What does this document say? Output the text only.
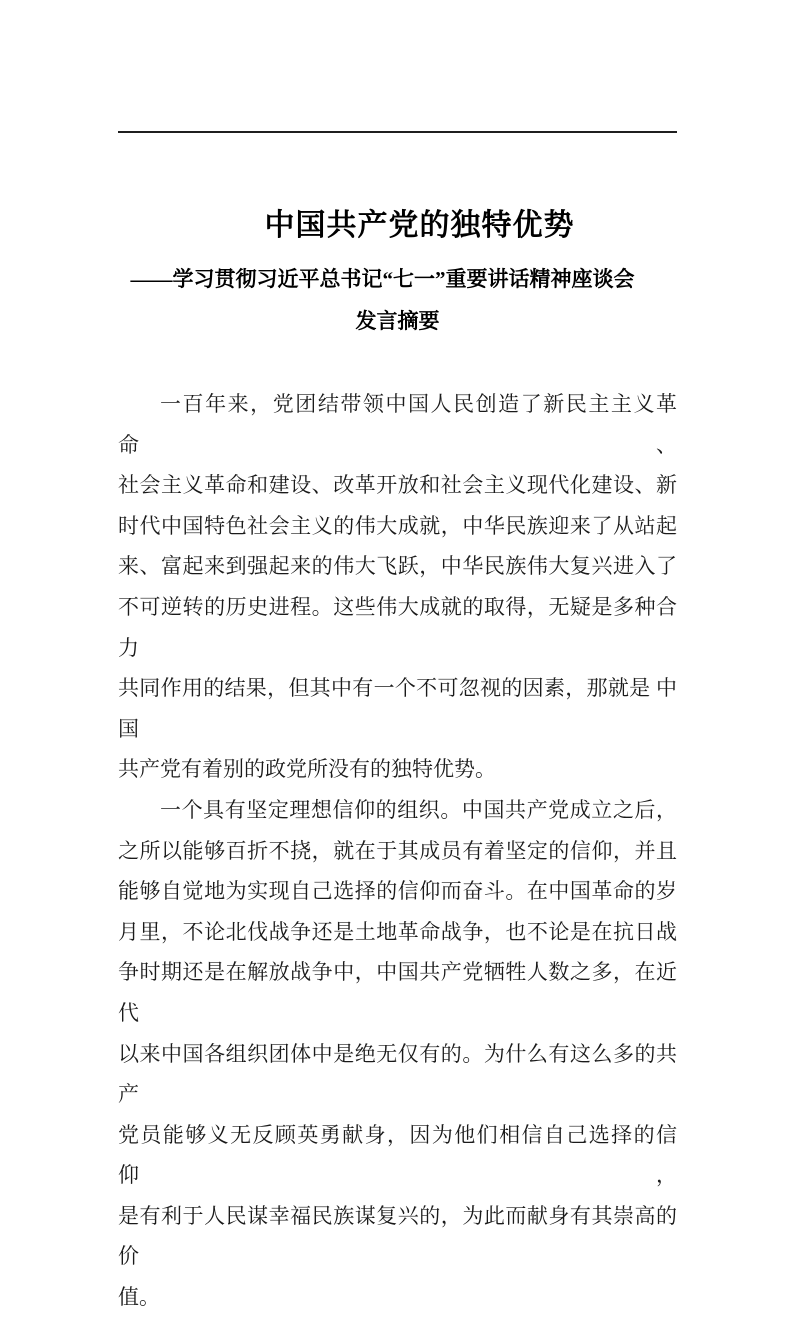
中国共产党的独特优势
——学习贯彻习近平总书记“七一”重要讲话精神座谈会
发言摘要
一百年来，党团结带领中国人民创造了新民主主义革命、
社会主义革命和建设、改革开放和社会主义现代化建设、新
时代中国特色社会主义的伟大成就，中华民族迎来了从站起
来、富起来到强起来的伟大飞跃，中华民族伟大复兴进入了
不可逆转的历史进程。这些伟大成就的取得，无疑是多种合 力
共同作用的结果，但其中有一个不可忽视的因素，那就是 中国
共产党有着别的政党所没有的独特优势。
一个具有坚定理想信仰的组织。中国共产党成立之后，
之所以能够百折不挠，就在于其成员有着坚定的信仰，并且
能够自觉地为实现自己选择的信仰而奋斗。在中国革命的岁
月里，不论北伐战争还是土地革命战争，也不论是在抗日战
争时期还是在解放战争中，中国共产党牺牲人数之多，在近代
以来中国各组织团体中是绝无仅有的。为什么有这么多的共产
党员能够义无反顾英勇献身，因为他们相信自己选择的信仰，
是有利于人民谋幸福民族谋复兴的，为此而献身有其崇高的价
值。
